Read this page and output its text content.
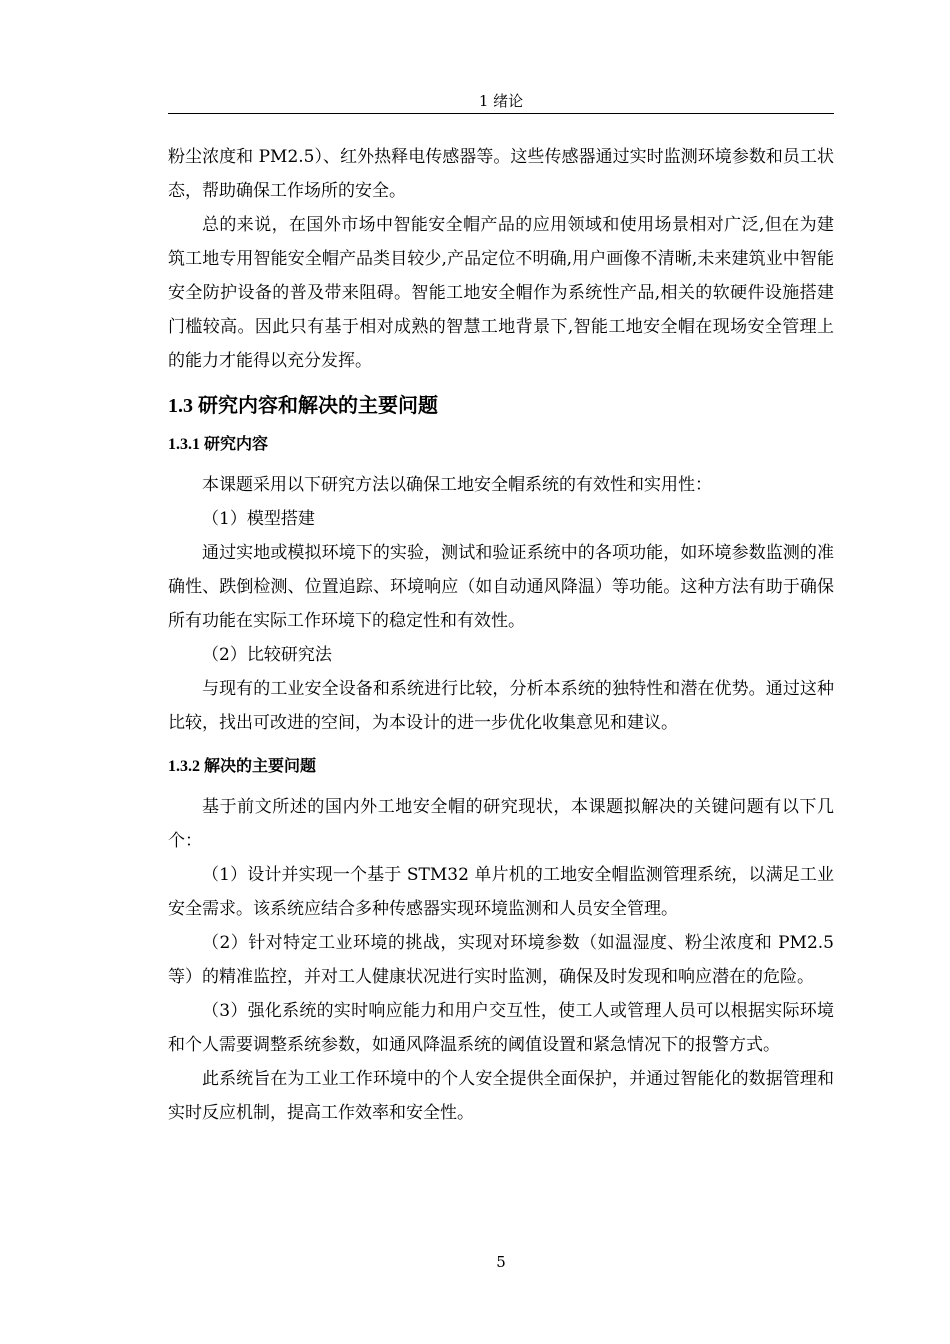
1 绪论

粉尘浓度和 PM2.5）、红外热释电传感器等。这些传感器通过实时监测环境参数和员工状态，帮助确保工作场所的安全。

总的来说，在国外市场中智能安全帽产品的应用领域和使用场景相对广泛,但在为建筑工地专用智能安全帽产品类目较少,产品定位不明确,用户画像不清晰,未来建筑业中智能安全防护设备的普及带来阻碍。智能工地安全帽作为系统性产品,相关的软硬件设施搭建门槛较高。因此只有基于相对成熟的智慧工地背景下,智能工地安全帽在现场安全管理上的能力才能得以充分发挥。

1.3 研究内容和解决的主要问题
1.3.1 研究内容

本课题采用以下研究方法以确保工地安全帽系统的有效性和实用性：

（1）模型搭建

通过实地或模拟环境下的实验，测试和验证系统中的各项功能，如环境参数监测的准确性、跌倒检测、位置追踪、环境响应（如自动通风降温）等功能。这种方法有助于确保所有功能在实际工作环境下的稳定性和有效性。

（2）比较研究法

与现有的工业安全设备和系统进行比较，分析本系统的独特性和潜在优势。通过这种比较，找出可改进的空间，为本设计的进一步优化收集意见和建议。

1.3.2 解决的主要问题

基于前文所述的国内外工地安全帽的研究现状，本课题拟解决的关键问题有以下几个：

（1）设计并实现一个基于 STM32 单片机的工地安全帽监测管理系统，以满足工业安全需求。该系统应结合多种传感器实现环境监测和人员安全管理。

（2）针对特定工业环境的挑战，实现对环境参数（如温湿度、粉尘浓度和 PM2.5 等）的精准监控，并对工人健康状况进行实时监测，确保及时发现和响应潜在的危险。

（3）强化系统的实时响应能力和用户交互性，使工人或管理人员可以根据实际环境和个人需要调整系统参数，如通风降温系统的阈值设置和紧急情况下的报警方式。

此系统旨在为工业工作环境中的个人安全提供全面保护，并通过智能化的数据管理和实时反应机制，提高工作效率和安全性。

5
